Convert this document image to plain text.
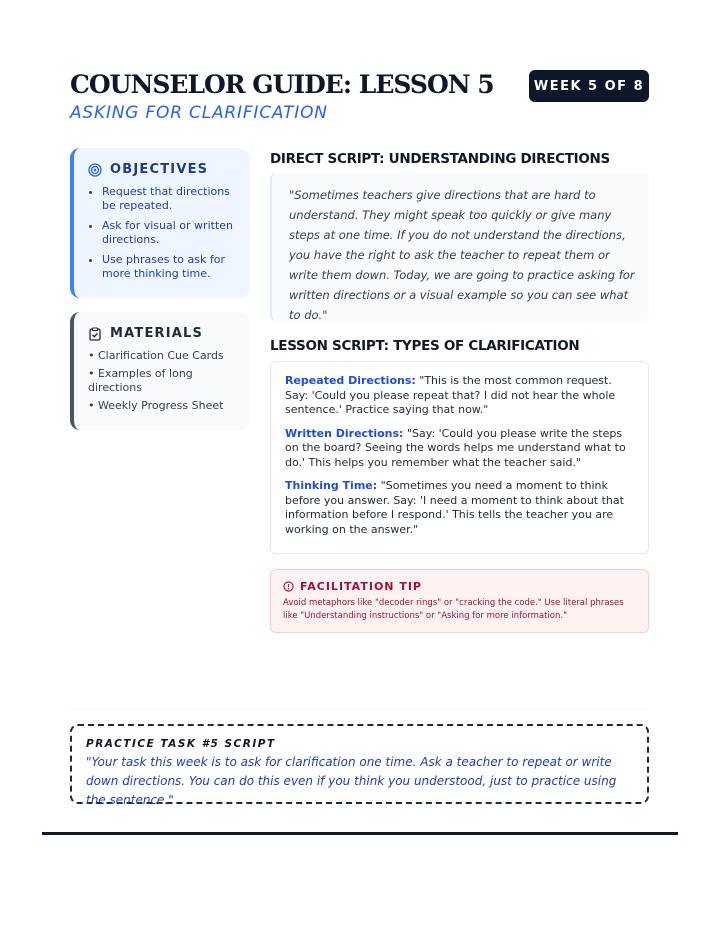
COUNSELOR GUIDE: LESSON 5
ASKING FOR CLARIFICATION
WEEK 5 OF 8
OBJECTIVES
• Request that directions be repeated.
• Ask for visual or written directions.
• Use phrases to ask for more thinking time.
MATERIALS
• Clarification Cue Cards
• Examples of long directions
• Weekly Progress Sheet
DIRECT SCRIPT: UNDERSTANDING DIRECTIONS
"Sometimes teachers give directions that are hard to understand. They might speak too quickly or give many steps at one time. If you do not understand the directions, you have the right to ask the teacher to repeat them or write them down. Today, we are going to practice asking for written directions or a visual example so you can see what to do."
LESSON SCRIPT: TYPES OF CLARIFICATION
Repeated Directions: "This is the most common request. Say: 'Could you please repeat that? I did not hear the whole sentence.' Practice saying that now."
Written Directions: "Say: 'Could you please write the steps on the board? Seeing the words helps me understand what to do.' This helps you remember what the teacher said."
Thinking Time: "Sometimes you need a moment to think before you answer. Say: 'I need a moment to think about that information before I respond.' This tells the teacher you are working on the answer."
FACILITATION TIP
Avoid metaphors like "decoder rings" or "cracking the code." Use literal phrases like "Understanding instructions" or "Asking for more information."
PRACTICE TASK #5 SCRIPT
"Your task this week is to ask for clarification one time. Ask a teacher to repeat or write down directions. You can do this even if you think you understood, just to practice using the sentence."
